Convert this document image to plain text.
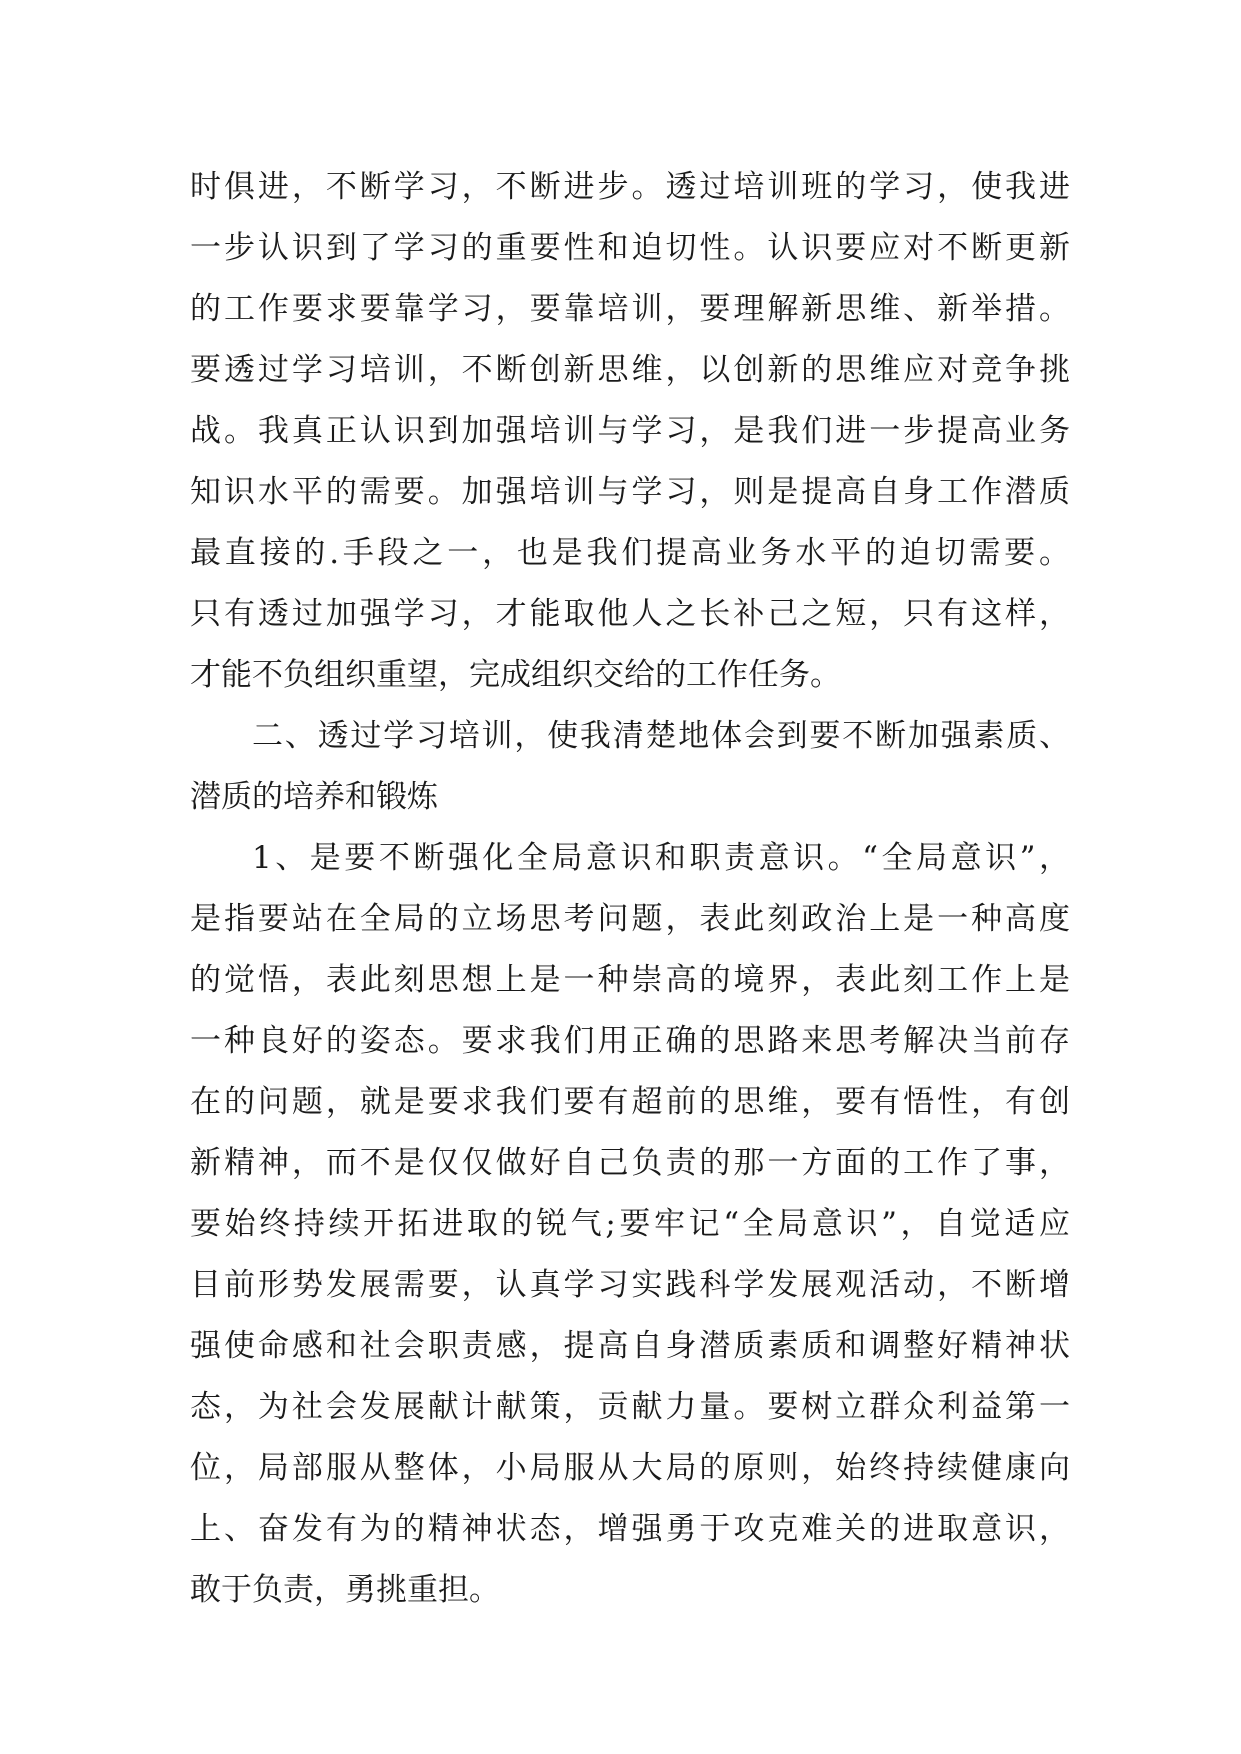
时俱进，不断学习，不断进步。透过培训班的学习，使我进
一步认识到了学习的重要性和迫切性。认识要应对不断更新
的工作要求要靠学习，要靠培训，要理解新思维、新举措。
要透过学习培训，不断创新思维，以创新的思维应对竞争挑
战。我真正认识到加强培训与学习，是我们进一步提高业务
知识水平的需要。加强培训与学习，则是提高自身工作潜质
最直接的.手段之一，也是我们提高业务水平的迫切需要。
只有透过加强学习，才能取他人之长补己之短，只有这样，
才能不负组织重望，完成组织交给的工作任务。
二、透过学习培训，使我清楚地体会到要不断加强素质、
潜质的培养和锻炼
1、是要不断强化全局意识和职责意识。“全局意识”，
是指要站在全局的立场思考问题，表此刻政治上是一种高度
的觉悟，表此刻思想上是一种崇高的境界，表此刻工作上是
一种良好的姿态。要求我们用正确的思路来思考解决当前存
在的问题，就是要求我们要有超前的思维，要有悟性，有创
新精神，而不是仅仅做好自己负责的那一方面的工作了事，
要始终持续开拓进取的锐气;要牢记“全局意识”，自觉适应
目前形势发展需要，认真学习实践科学发展观活动，不断增
强使命感和社会职责感，提高自身潜质素质和调整好精神状
态，为社会发展献计献策，贡献力量。要树立群众利益第一
位，局部服从整体，小局服从大局的原则，始终持续健康向
上、奋发有为的精神状态，增强勇于攻克难关的进取意识，
敢于负责，勇挑重担。
